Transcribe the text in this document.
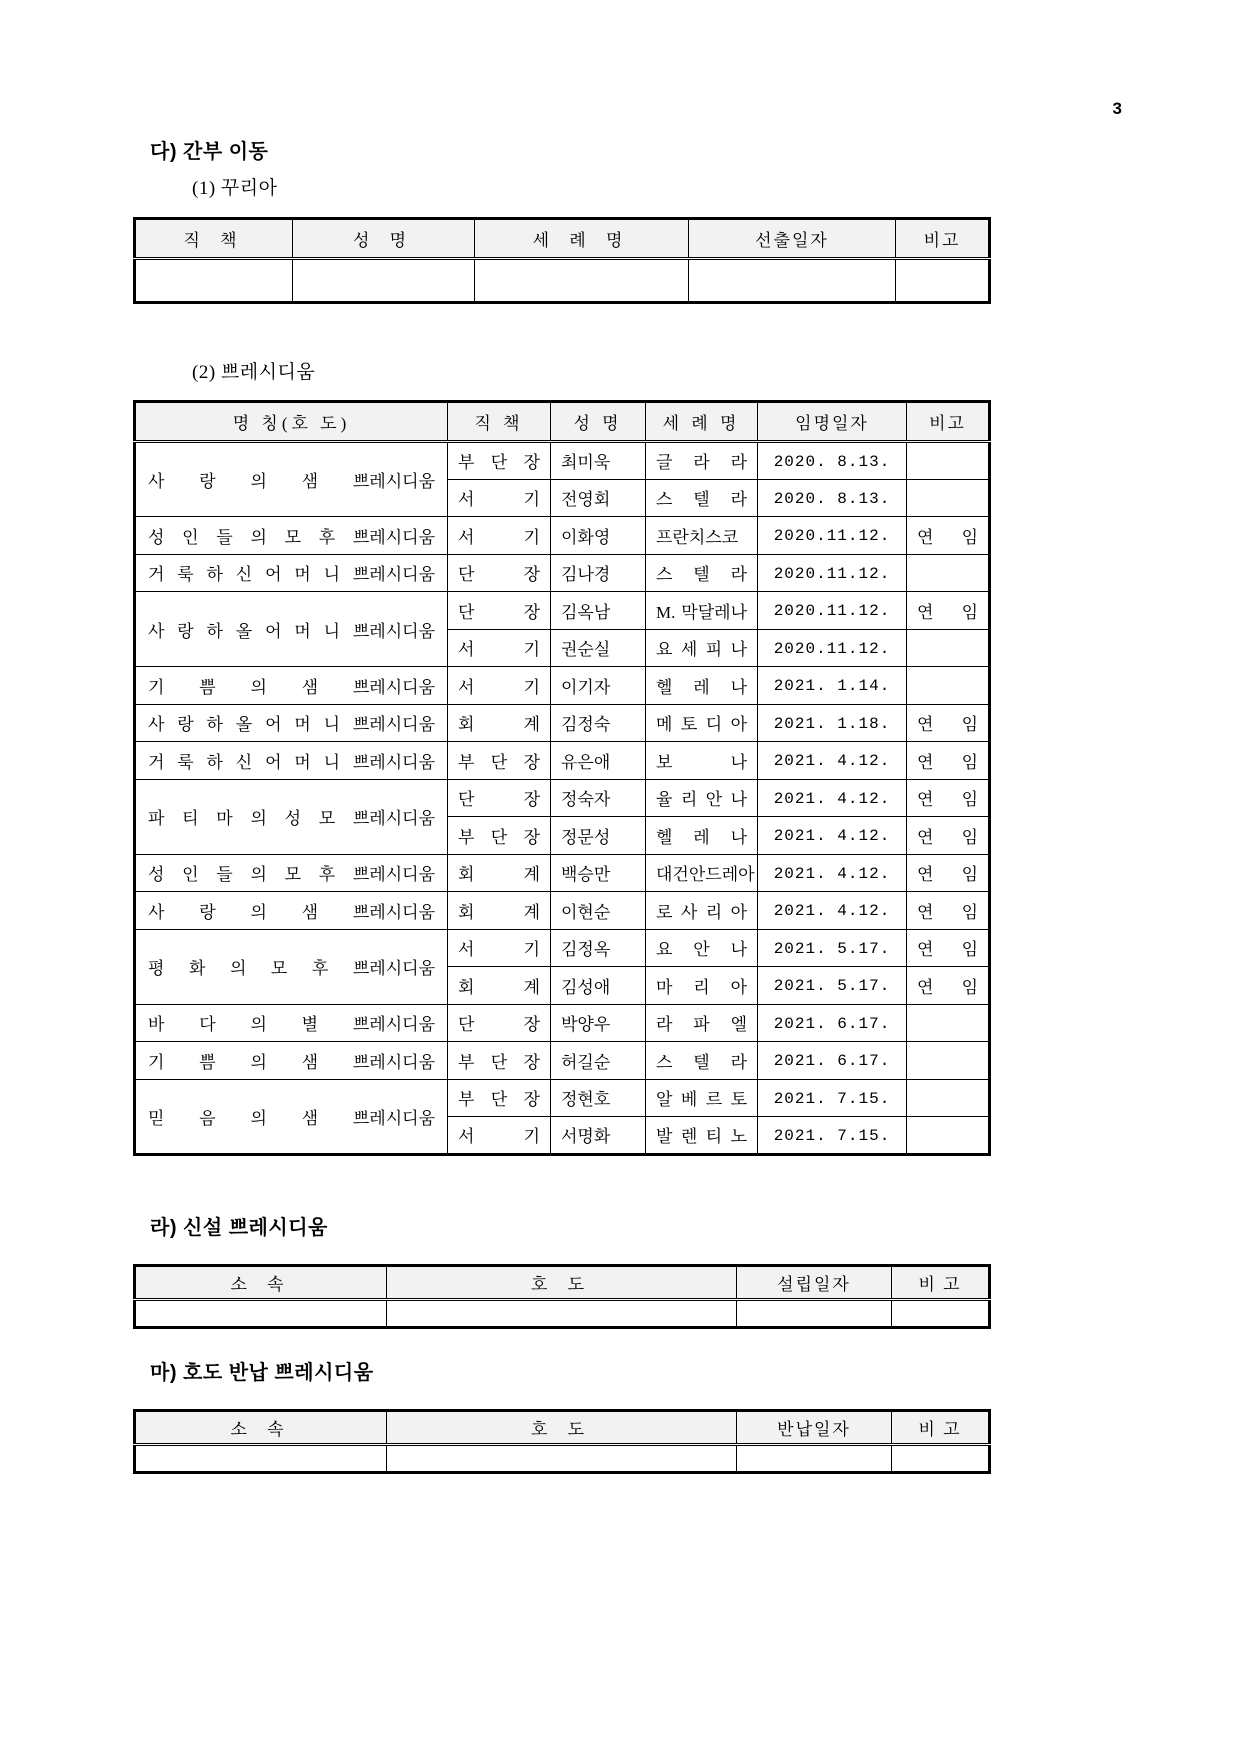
3
다) 간부 이동
(1) 꾸리아
직 책	성 명	세 례 명	선출일자	비고

(2) 쁘레시디움
명 칭(호 도)	직 책	성 명	세 례 명	임명일자	비고

사 랑 의 샘 쁘레시디움	부 단 장	최미욱	글 라 라	2020. 8.13.	

	서 기	전영회	스 텔 라	2020. 8.13.	

성 인 들 의 모 후 쁘레시디움	서 기	이화영	프란치스코	2020.11.12.	연 임

거 룩 하 신 어 머 니 쁘레시디움	단 장	김나경	스 텔 라	2020.11.12.	

사 랑 하 올 어 머 니 쁘레시디움	단 장	김옥남	M. 막달레나	2020.11.12.	연 임

	서 기	권순실	요 세 피 나	2020.11.12.	

기 쁨 의 샘 쁘레시디움	서 기	이기자	헬 레 나	2021. 1.14.	

사 랑 하 올 어 머 니 쁘레시디움	회 계	김정숙	메 토 디 아	2021. 1.18.	연 임

거 룩 하 신 어 머 니 쁘레시디움	부 단 장	유은애	보 나	2021. 4.12.	연 임

파 티 마 의 성 모 쁘레시디움	단 장	정숙자	율 리 안 나	2021. 4.12.	연 임

	부 단 장	정문성	헬 레 나	2021. 4.12.	연 임

성 인 들 의 모 후 쁘레시디움	회 계	백승만	대건안드레아	2021. 4.12.	연 임

사 랑 의 샘 쁘레시디움	회 계	이현순	로 사 리 아	2021. 4.12.	연 임

평 화 의 모 후 쁘레시디움	서 기	김정옥	요 안 나	2021. 5.17.	연 임

	회 계	김성애	마 리 아	2021. 5.17.	연 임

바 다 의 별 쁘레시디움	단 장	박양우	라 파 엘	2021. 6.17.	

기 쁨 의 샘 쁘레시디움	부 단 장	허길순	스 텔 라	2021. 6.17.	

믿 음 의 샘 쁘레시디움	부 단 장	정현호	알 베 르 토	2021. 7.15.	

	서 기	서명화	발 렌 티 노	2021. 7.15.	
라) 신설 쁘레시디움
소 속	호 도	설립일자	비 고

마) 호도 반납 쁘레시디움
소 속	호 도	반납일자	비 고
